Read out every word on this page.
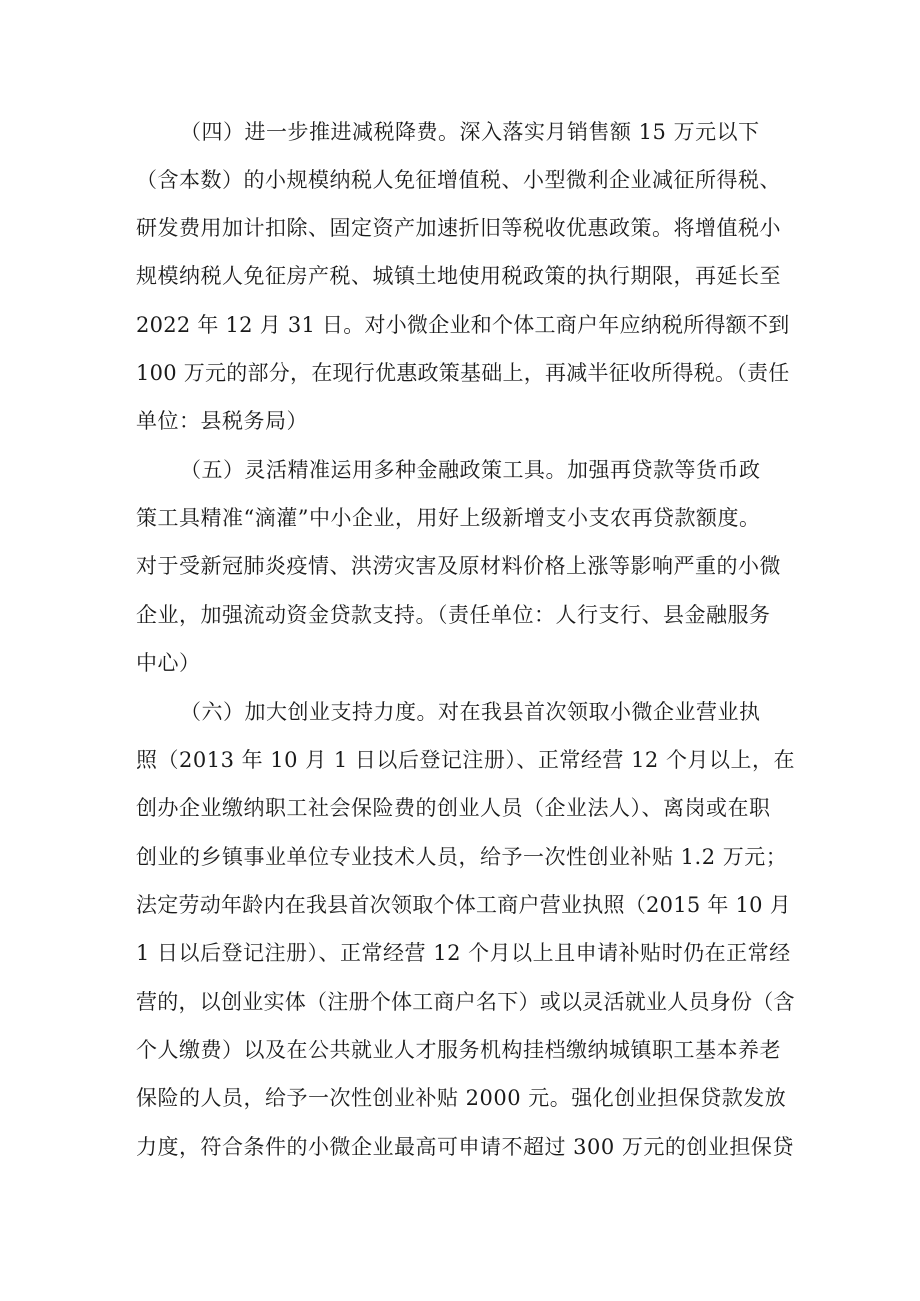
（四）进一步推进减税降费。深入落实月销售额 15 万元以下
（含本数）的小规模纳税人免征增值税、小型微利企业减征所得税、
研发费用加计扣除、固定资产加速折旧等税收优惠政策。将增值税小
规模纳税人免征房产税、城镇土地使用税政策的执行期限，再延长至
2022 年 12 月 31 日。对小微企业和个体工商户年应纳税所得额不到
100 万元的部分，在现行优惠政策基础上，再减半征收所得税。（责任
单位：县税务局）
（五）灵活精准运用多种金融政策工具。加强再贷款等货币政
策工具精准“滴灌”中小企业，用好上级新增支小支农再贷款额度。
对于受新冠肺炎疫情、洪涝灾害及原材料价格上涨等影响严重的小微
企业，加强流动资金贷款支持。（责任单位：人行支行、县金融服务
中心）
（六）加大创业支持力度。对在我县首次领取小微企业营业执
照（2013 年 10 月 1 日以后登记注册）、正常经营 12 个月以上，在
创办企业缴纳职工社会保险费的创业人员（企业法人）、离岗或在职
创业的乡镇事业单位专业技术人员，给予一次性创业补贴 1.2 万元；
法定劳动年龄内在我县首次领取个体工商户营业执照（2015 年 10 月
1 日以后登记注册）、正常经营 12 个月以上且申请补贴时仍在正常经
营的，以创业实体（注册个体工商户名下）或以灵活就业人员身份（含
个人缴费）以及在公共就业人才服务机构挂档缴纳城镇职工基本养老
保险的人员，给予一次性创业补贴 2000 元。强化创业担保贷款发放
力度，符合条件的小微企业最高可申请不超过 300 万元的创业担保贷
